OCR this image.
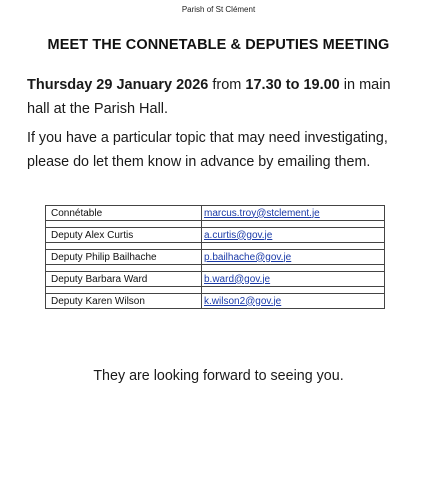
Parish of St Clément
MEET THE CONNETABLE & DEPUTIES MEETING
Thursday 29 January 2026 from 17.30 to 19.00 in main hall at the Parish Hall.
If you have a particular topic that may need investigating, please do let them know in advance by emailing them.
Connétable	marcus.troy@stclement.je

Deputy Alex Curtis	a.curtis@gov.je

Deputy Philip Bailhache	p.bailhache@gov.je

Deputy Barbara Ward	b.ward@gov.je

Deputy Karen Wilson	k.wilson2@gov.je
They are looking forward to seeing you.
